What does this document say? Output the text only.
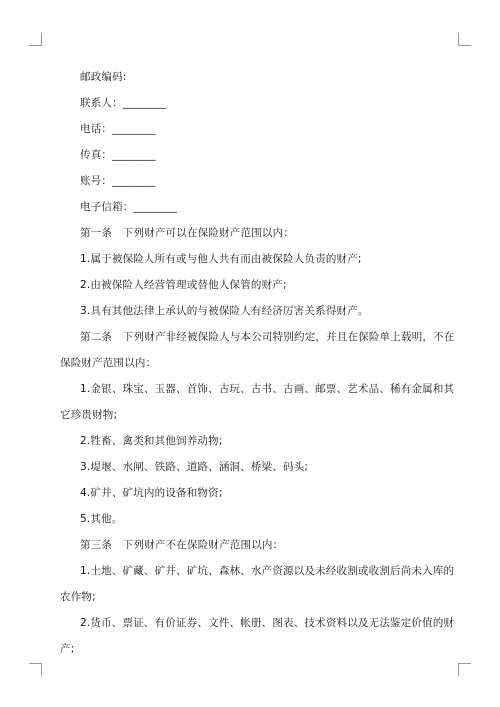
邮政编码:
联系人：________
电话：________
传真：________
账号：________
电子信箱：________
第一条　下列财产可以在保险财产范围以内：
1.属于被保险人所有或与他人共有而由被保险人负责的财产;
2.由被保险人经营管理或替他人保管的财产;
3.具有其他法律上承认的与被保险人有经济厉害关系得财产。
第二条　下列财产非经被保险人与本公司特别约定，并且在保险单上载明，不在
保险财产范围以内：
1.金银、珠宝、玉器、首饰、古玩、古书、古画、邮票、艺术品、稀有金属和其
它珍贵财物;
2.牲畜、禽类和其他饲养动物;
3.堤堰、水闸、铁路、道路、涵洞、桥梁、码头;
4.矿井、矿坑内的设备和物资;
5.其他。
第三条　下列财产不在保险财产范围以内：
1.土地、矿藏、矿井、矿坑、森林、水产资源以及未经收割或收割后尚未入库的
农作物;
2.货币、票证、有价证券、文件、帐册、图表、技术资料以及无法鉴定价值的财
产;
